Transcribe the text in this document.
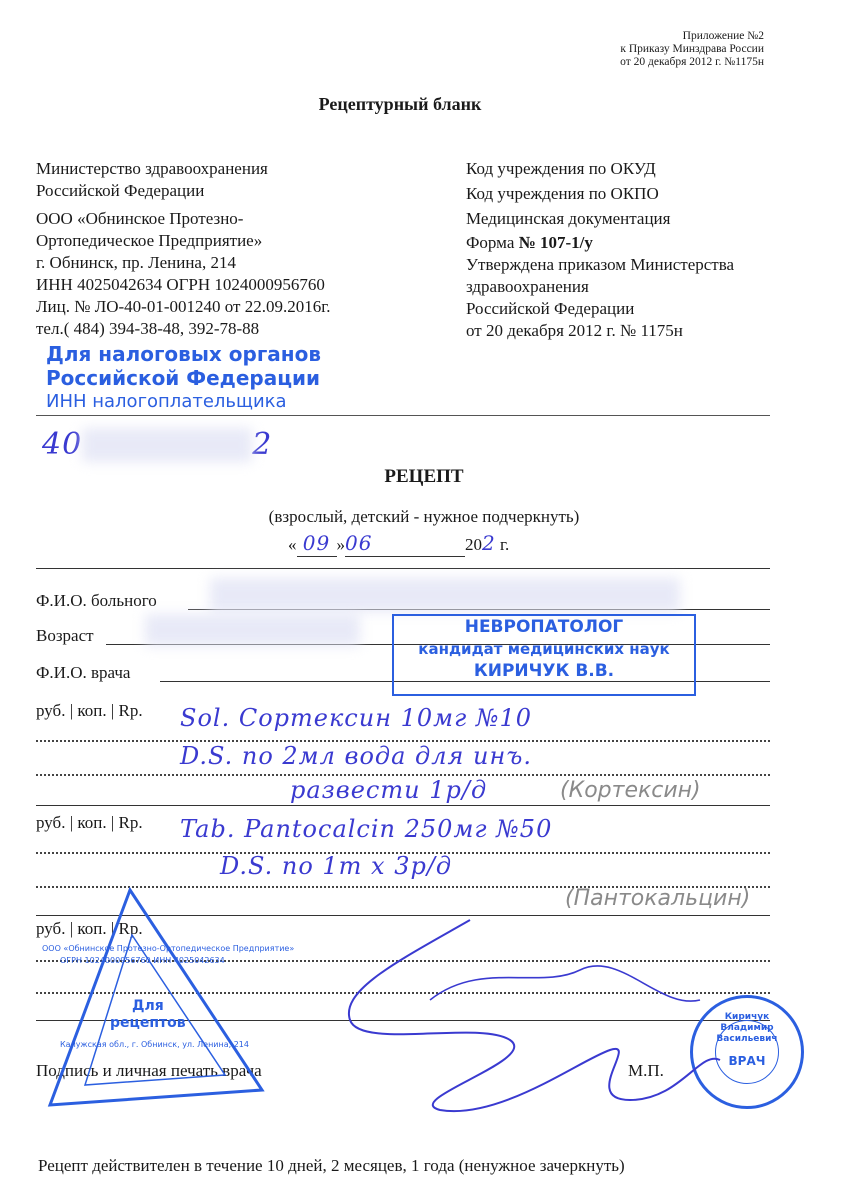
Приложение №2
к Приказу Минздрава России
от 20 декабря 2012 г. №1175н
Рецептурный бланк
Министерство здравоохранения
Российской Федерации
ООО «Обнинское Протезно-
Ортопедическое Предприятие»
г. Обнинск, пр. Ленина, 214
ИНН 4025042634 ОГРН 1024000956760
Лиц. № ЛО-40-01-001240 от 22.09.2016г.
тел.( 484) 394-38-48, 392-78-88
Код учреждения по ОКУД
Код учреждения по ОКПО
Медицинская документация
Форма № 107-1/у
Утверждена приказом Министерства
здравоохранения
Российской Федерации
от 20 декабря 2012 г. № 1175н
Для налоговых органов
Российской Федерации
ИНН налогоплательщика
40	2
РЕЦЕПТ
(взрослый, детский - нужное подчеркнуть)
« 09 »06	202 г.
Ф.И.О. больного
Возраст
Ф.И.О. врача
НЕВРОПАТОЛОГ
кандидат медицинских наук
КИРИЧУК В.В.
руб. | коп. | Rp. Sol. Сортексин 10мг №10
D.S. по 2мл вода для инъ.
развести 1р/д	(Кортексин)
руб. | коп. | Rp. Tab. Pantocalcin 250мг №50
D.S. по 1т х 3р/д
(Пантокальцин)
руб. | коп. | Rp.
Подпись и личная печать врача	М.П.
ООО «Обнинское Протезно-Ортопедическое Предприятие»
ОГРН 1024000956760 ИНН 4025042634
Для
рецептов
Калужская обл., г. Обнинск, ул. Ленина, 214
Киричук Владимир Васильевич
ВРАЧ
Рецепт действителен в течение 10 дней, 2 месяцев, 1 года (ненужное зачеркнуть)
